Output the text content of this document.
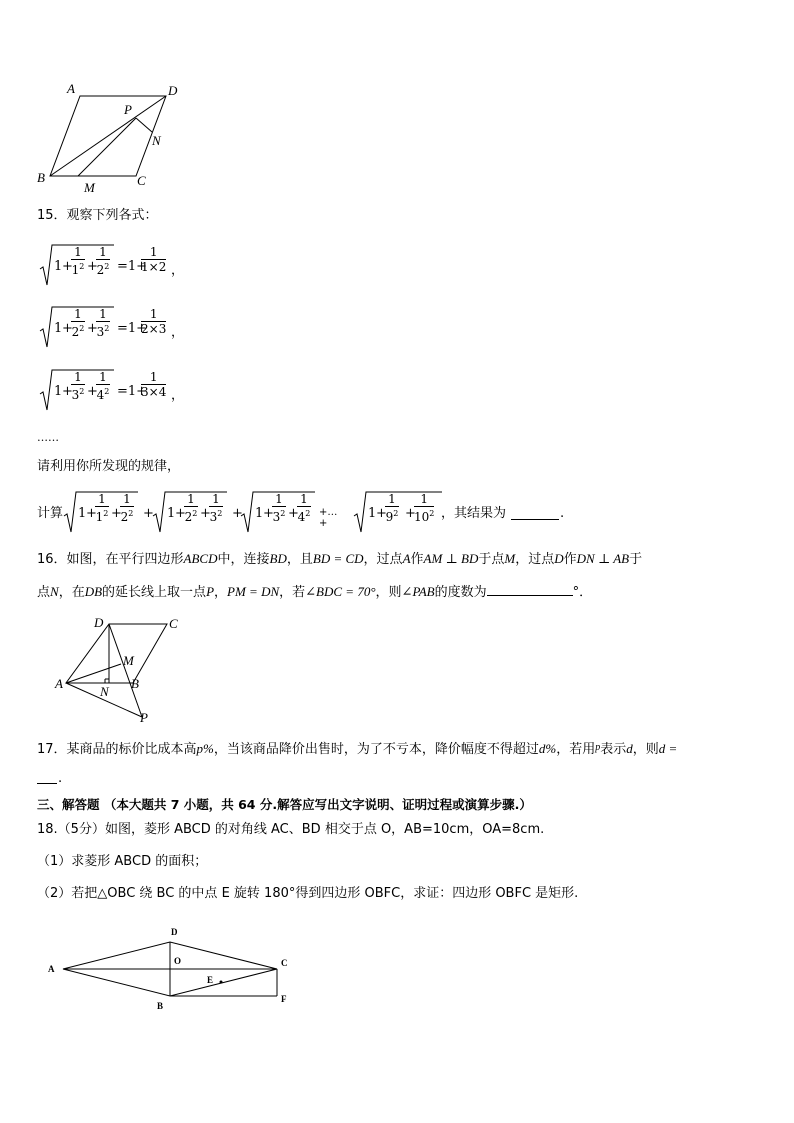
A	D
P
N
B
M	C
15．观察下列各式：
1 +
$\frac{1}{1^2}$ +
$\frac{1}{2^2} =1+$
$\frac{1}{1\times 2}$ ，
1 +
$\frac{1}{2^2}$ +
$\frac{1}{3^2} =1+$
$\frac{1}{2\times 3}$ ，
1 +
$\frac{1}{3^2}$ +
$\frac{1}{4^2} =1+$
$\frac{1}{3\times 4}$ ，
……
请利用你所发现的规律，
计算 1 +
$\frac{1}{1^2}$ +
$\frac{1}{2^2} + 1$ +
$\frac{1}{2^2}$ +
$\frac{1}{3^2} + 1$ +
$\frac{1}{3^2}$ +
$\frac{1}{4^2}$ +…+
1 +
$\frac{1}{9^2}$ +
$\frac{1}{10^2}$ ，其结果为	.
16．如图，在平行四边形ABCD中，连接BD，且BD = CD，过点A作AM ⊥ BD于点M，过点D作DN ⊥ AB于
点N，在DB的延长线上取一点P，PM = DN，若∠BDC = 70°，则∠PAB的度数为	°．
D	C
M
A
N
B
P
17．某商品的标价比成本高p%，当该商品降价出售时，为了不亏本，降价幅度不得超过d%，若用$^p$表示d，则d =
.
三、解答题 （本大题共 7 小题，共 64 分.解答应写出文字说明、证明过程或演算步骤.）
18.（5分）如图，菱形 ABCD 的对角线 AC、BD 相交于点 O，AB=10cm，OA=8cm.
（1）求菱形 ABCD 的面积；
（2）若把△OBC 绕 BC 的中点 E 旋转 180°得到四边形 OBFC，求证：四边形 OBFC 是矩形.
A
D
O
E
C
B
F
